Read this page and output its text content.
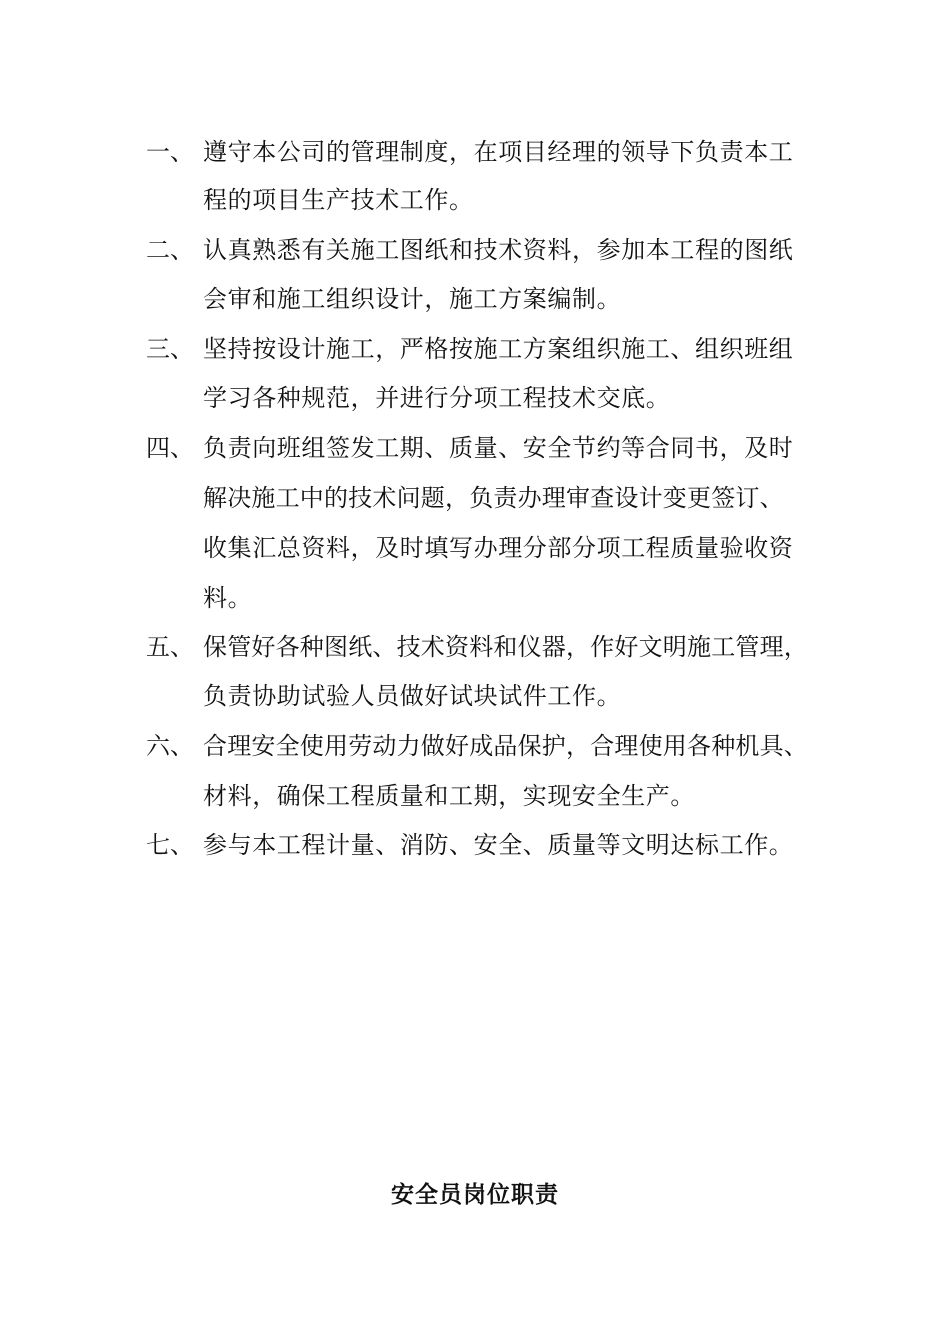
一、 遵守本公司的管理制度，在项目经理的领导下负责本工
程的项目生产技术工作。
二、 认真熟悉有关施工图纸和技术资料，参加本工程的图纸
会审和施工组织设计，施工方案编制。
三、 坚持按设计施工，严格按施工方案组织施工、组织班组
学习各种规范，并进行分项工程技术交底。
四、 负责向班组签发工期、质量、安全节约等合同书，及时
解决施工中的技术问题，负责办理审查设计变更签订、
收集汇总资料，及时填写办理分部分项工程质量验收资
料。
五、 保管好各种图纸、技术资料和仪器，作好文明施工管理，
负责协助试验人员做好试块试件工作。
六、 合理安全使用劳动力做好成品保护，合理使用各种机具、
材料，确保工程质量和工期，实现安全生产。
七、 参与本工程计量、消防、安全、质量等文明达标工作。
安全员岗位职责
